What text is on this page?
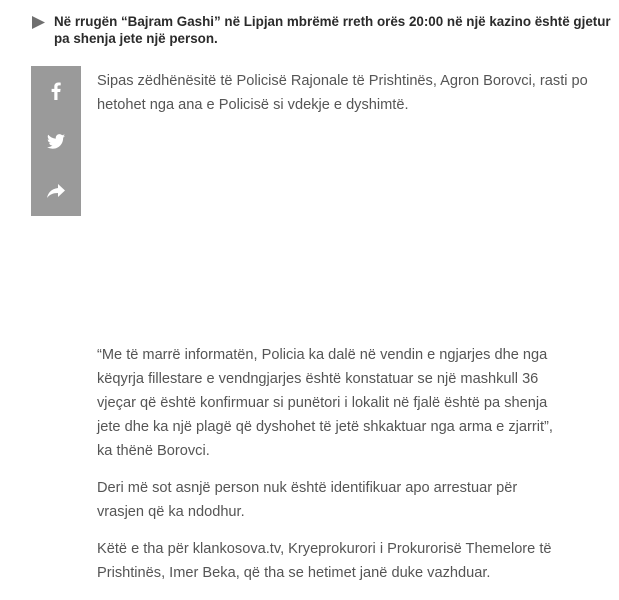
Në rrugën “Bajram Gashi” në Lipjan mbrëmë rreth orës 20:00 në një kazino është gjetur pa shenja jete një person.
Sipas zëdhënësitë të Policisë Rajonale të Prishtinës, Agron Borovci, rasti po hetohet nga ana e Policisë si vdekje e dyshimtë.

“Me të marrë informatën, Policia ka dalë në vendin e ngjarjes dhe nga këqyrja fillestare e vendngjarjes është konstatuar se një mashkull 36 vjeçar që është konfirmuar si punëtori i lokalit në fjalë është pa shenja jete dhe ka një plagë që dyshohet të jetë shkaktuar nga arma e zjarrit”, ka thënë Borovci.

Deri më sot asnjë person nuk është identifikuar apo arrestuar për vrasjen që ka ndodhur.

Këtë e tha për klankosova.tv, Kryeprokurori i Prokurorisë Themelore të Prishtinës, Imer Beka, që tha se hetimet janë duke vazhduar.
